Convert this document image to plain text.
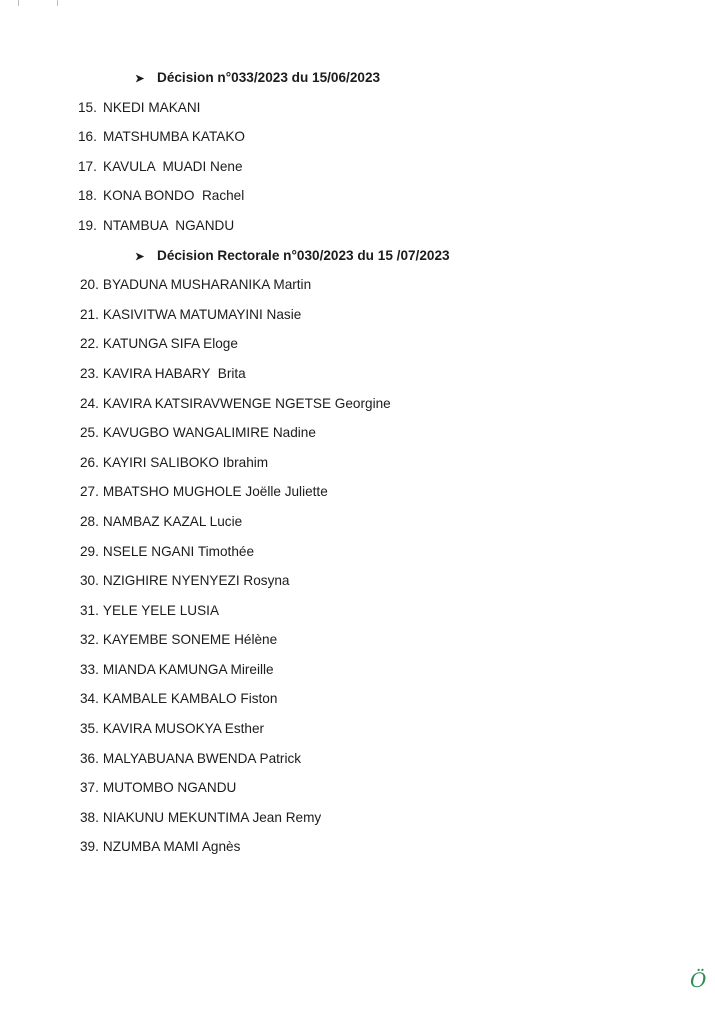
➤ Décision n°033/2023 du 15/06/2023
15. NKEDI MAKANI
16. MATSHUMBA KATAKO
17. KAVULA  MUADI Nene
18. KONA BONDO  Rachel
19. NTAMBUA  NGANDU
➤ Décision Rectorale n°030/2023 du 15 /07/2023
20. BYADUNA MUSHARANIKA Martin
21. KASIVITWA MATUMAYINI Nasie
22. KATUNGA SIFA Eloge
23. KAVIRA HABARY  Brita
24. KAVIRA KATSIRAVWENGE NGETSE Georgine
25. KAVUGBO WANGALIMIRE Nadine
26. KAYIRI SALIBOKO Ibrahim
27. MBATSHO MUGHOLE Joëlle Juliette
28. NAMBAZ KAZAL Lucie
29. NSELE NGANI Timothée
30. NZIGHIRE NYENYEZI Rosyna
31. YELE YELE LUSIA
32. KAYEMBE SONEME Hélène
33. MIANDA KAMUNGA Mireille
34. KAMBALE KAMBALO Fiston
35. KAVIRA MUSOKYA Esther
36. MALYABUANA BWENDA Patrick
37. MUTOMBO NGANDU
38. NIAKUNU MEKUNTIMA Jean Remy
39. NZUMBA MAMI Agnès
Ö
